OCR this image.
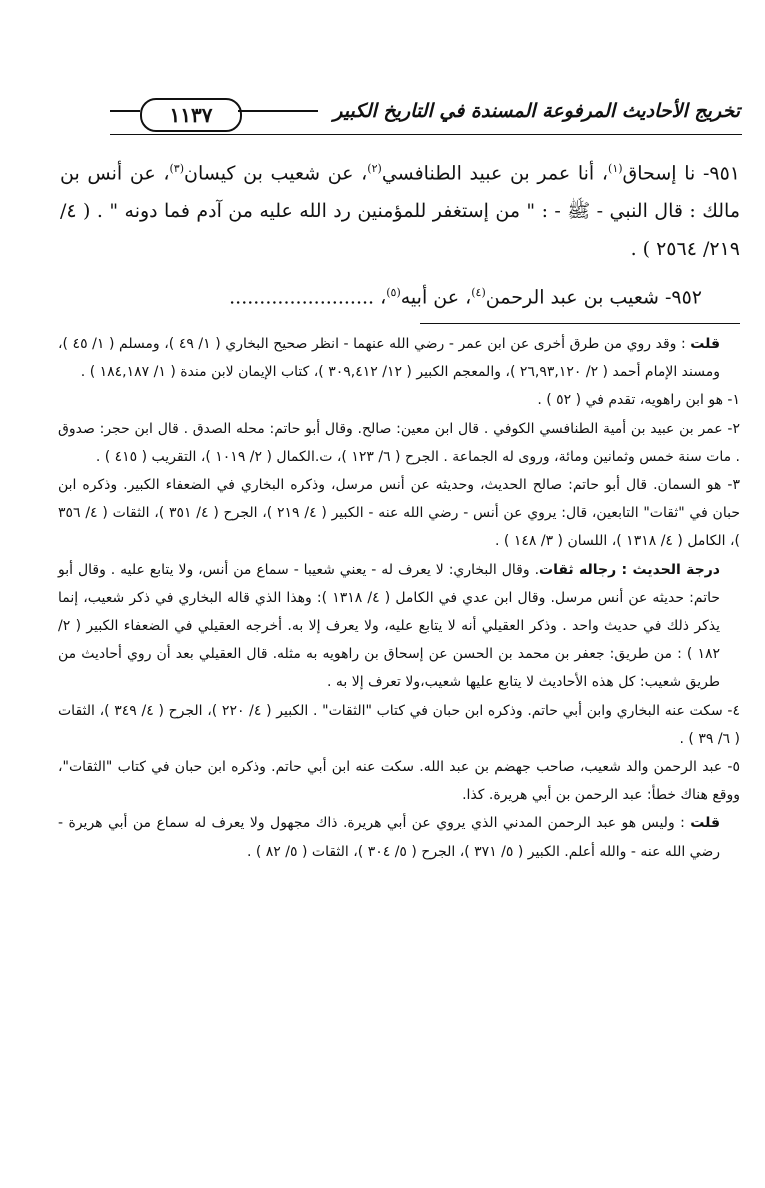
تخريج الأحاديث المرفوعة المسندة في التاريخ الكبير
١١٣٧

٩٥١- نا إسحاق$^{(١)}$، أنا عمر بن عبيد الطنافسي$^{(٢)}$، عن شعيب بن كيسان$^{(٣)}$، عن أنس بن مالك : قال النبي - ﷺ - : " من إستغفر للمؤمنين رد الله عليه من آدم فما دونه " . ( ٤/ ٢١٩/ ٢٥٦٤ ) .

٩٥٢- شعيب بن عبد الرحمن$^{(٤)}$، عن أبيه$^{(٥)}$، ........................

قلت : وقد روي من طرق أخرى عن ابن عمر - رضي الله عنهما - انظر صحيح البخاري ( ١/ ٤٩ )، ومسلم ( ١/ ٤٥ )، ومسند الإمام أحمد ( ٢/ ٢٦,٩٣,١٢٠ )، والمعجم الكبير ( ١٢/ ٣٠٩,٤١٢ )، كتاب الإيمان لابن مندة ( ١/ ١٨٤,١٨٧ ) .

١- هو ابن راهويه، تقدم في ( ٥٢ ) .

٢- عمر بن عبيد بن أمية الطنافسي الكوفي . قال ابن معين: صالح. وقال أبو حاتم: محله الصدق . قال ابن حجر: صدوق . مات سنة خمس وثمانين ومائة، وروى له الجماعة . الجرح ( ٦/ ١٢٣ )، ت.الكمال ( ٢/ ١٠١٩ )، التقريب ( ٤١٥ ) .

٣- هو السمان. قال أبو حاتم: صالح الحديث، وحديثه عن أنس مرسل، وذكره البخاري في الضعفاء الكبير. وذكره ابن حبان في "ثقات" التابعين، قال: يروي عن أنس - رضي الله عنه - الكبير ( ٤/ ٢١٩ )، الجرح ( ٤/ ٣٥١ )، الثقات ( ٤/ ٣٥٦ )، الكامل ( ٤/ ١٣١٨ )، اللسان ( ٣/ ١٤٨ ) .

درجة الحديث : رجاله ثقات. وقال البخاري: لا يعرف له - يعني شعيبا - سماع من أنس، ولا يتابع عليه . وقال أبو حاتم: حديثه عن أنس مرسل. وقال ابن عدي في الكامل ( ٤/ ١٣١٨ ): وهذا الذي قاله البخاري في ذكر شعيب، إنما يذكر ذلك في حديث واحد . وذكر العقيلي أنه لا يتابع عليه، ولا يعرف إلا به. أخرجه العقيلي في الضعفاء الكبير ( ٢/ ١٨٢ ) : من طريق: جعفر بن محمد بن الحسن عن إسحاق بن راهويه به مثله. قال العقيلي بعد أن روي أحاديث من طريق شعيب: كل هذه الأحاديث لا يتابع عليها شعيب،ولا تعرف إلا به .

٤- سكت عنه البخاري وابن أبي حاتم. وذكره ابن حبان في كتاب "الثقات" . الكبير ( ٤/ ٢٢٠ )، الجرح ( ٤/ ٣٤٩ )، الثقات ( ٦/ ٣٩ ) .

٥- عبد الرحمن والد شعيب، صاحب جهضم بن عبد الله. سكت عنه ابن أبي حاتم. وذكره ابن حبان في كتاب "الثقات"، ووقع هناك خطأ: عبد الرحمن بن أبي هريرة. كذا.

قلت : وليس هو عبد الرحمن المدني الذي يروي عن أبي هريرة. ذاك مجهول ولا يعرف له سماع من أبي هريرة - رضي الله عنه - والله أعلم. الكبير ( ٥/ ٣٧١ )، الجرح ( ٥/ ٣٠٤ )، الثقات ( ٥/ ٨٢ ) .
